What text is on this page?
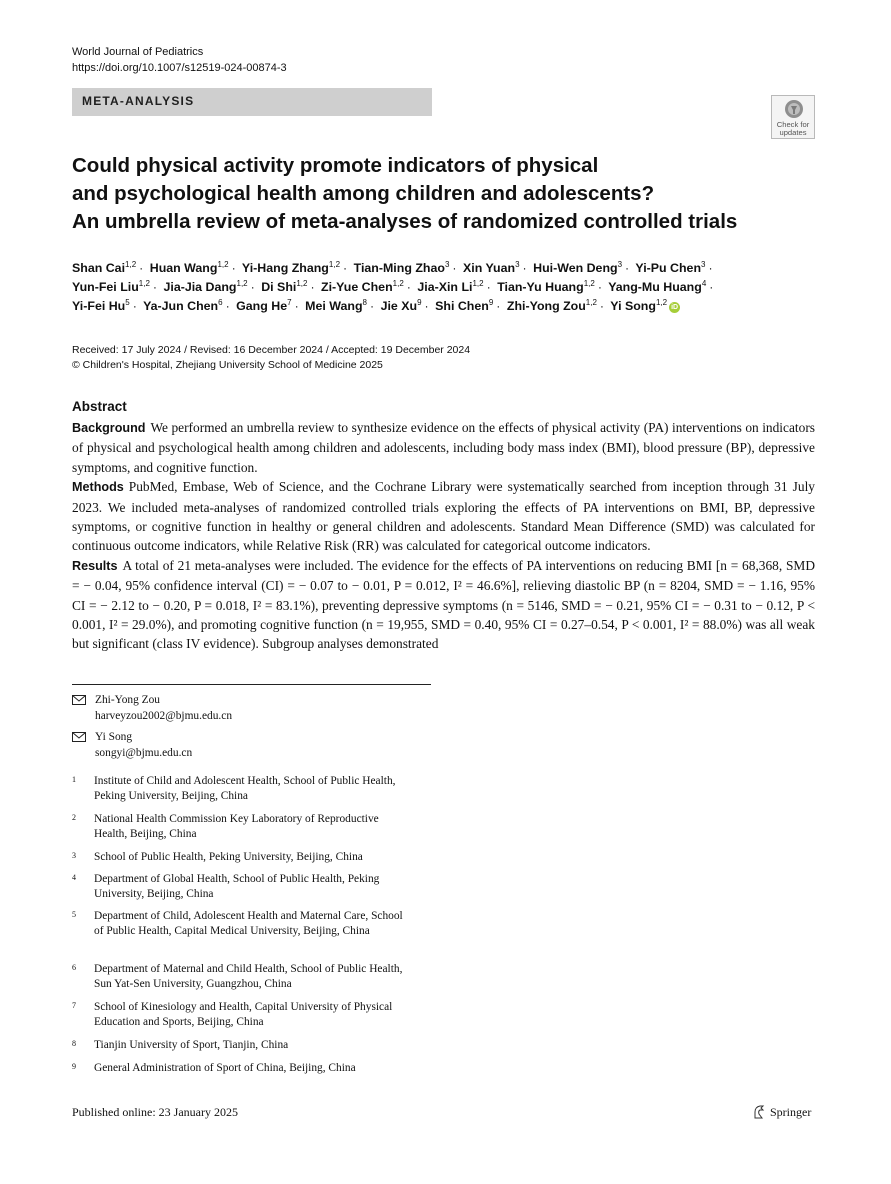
World Journal of Pediatrics
https://doi.org/10.1007/s12519-024-00874-3
META-ANALYSIS
Check for
updates
Could physical activity promote indicators of physical
and psychological health among children and adolescents?
An umbrella review of meta-analyses of randomized controlled trials
Shan Cai$^{1,2}$ · Huan Wang$^{1,2}$ · Yi-Hang Zhang$^{1,2}$ · Tian-Ming Zhao$^3$ · Xin Yuan$^3$ · Hui-Wen Deng$^3$ · Yi-Pu Chen$^3$ ·
Yun-Fei Liu$^{1,2}$ · Jia-Jia Dang$^{1,2}$ · Di Shi$^{1,2}$ · Zi-Yue Chen$^{1,2}$ · Jia-Xin Li$^{1,2}$ · Tian-Yu Huang$^{1,2}$ · Yang-Mu Huang$^4$ ·
Yi-Fei $Hu^5 \cdot Ya-Jun$ Chen$^6$ · Gang $He^7$ · Mei Wang$^8$ · Jie $Xu^9$ · Shi Chen$^9$ · Zhi-Yong Zou$^{1,2}$ · Yi Song$^{1,2}$iD
Received: 17 July 2024 / Revised: 16 December 2024 / Accepted: 19 December 2024
© Children's Hospital, Zhejiang University School of Medicine 2025
Abstract

Background We performed an umbrella review to synthesize evidence on the effects of physical activity (PA) interventions on indicators of physical and psychological health among children and adolescents, including body mass index (BMI), blood pressure (BP), depressive symptoms, and cognitive function.

Methods PubMed, Embase, Web of Science, and the Cochrane Library were systematically searched from inception through 31 July 2023. We included meta-analyses of randomized controlled trials exploring the effects of PA interventions on BMI, BP, depressive symptoms, or cognitive function in healthy or general children and adolescents. Standard Mean Difference (SMD) was calculated for continuous outcome indicators, while Relative Risk (RR) was calculated for categorical outcome indicators.

Results A total of 21 meta-analyses were included. The evidence for the effects of PA interventions on reducing BMI [n = 68,368, SMD = − 0.04, 95% confidence interval (CI) = − 0.07 to − 0.01, P = 0.012, I² = 46.6%], relieving diastolic BP (n = 8204, SMD = − 1.16, 95% CI = − 2.12 to − 0.20, P = 0.018, I² = 83.1%), preventing depressive symptoms (n = 5146, SMD = − 0.21, 95% CI = − 0.31 to − 0.12, P < 0.001, I² = 29.0%), and promoting cognitive function (n = 19,955, SMD = 0.40, 95% CI = 0.27–0.54, P < 0.001, I² = 88.0%) was all weak but significant (class IV evidence). Subgroup analyses demonstrated

Zhi-Yong Zou
harveyzou2002@bjmu.edu.cn
Yi Song
songyi@bjmu.edu.cn
1 Institute of Child and Adolescent Health, School of Public Health, Peking University, Beijing, China
2 National Health Commission Key Laboratory of Reproductive Health, Beijing, China
3 School of Public Health, Peking University, Beijing, China
4 Department of Global Health, School of Public Health, Peking University, Beijing, China
5 Department of Child, Adolescent Health and Maternal Care, School of Public Health, Capital Medical University, Beijing, China
6 Department of Maternal and Child Health, School of Public Health, Sun Yat-Sen University, Guangzhou, China
7 School of Kinesiology and Health, Capital University of Physical Education and Sports, Beijing, China
8 Tianjin University of Sport, Tianjin, China
9 General Administration of Sport of China, Beijing, China
Published online: 23 January 2025	Springer
